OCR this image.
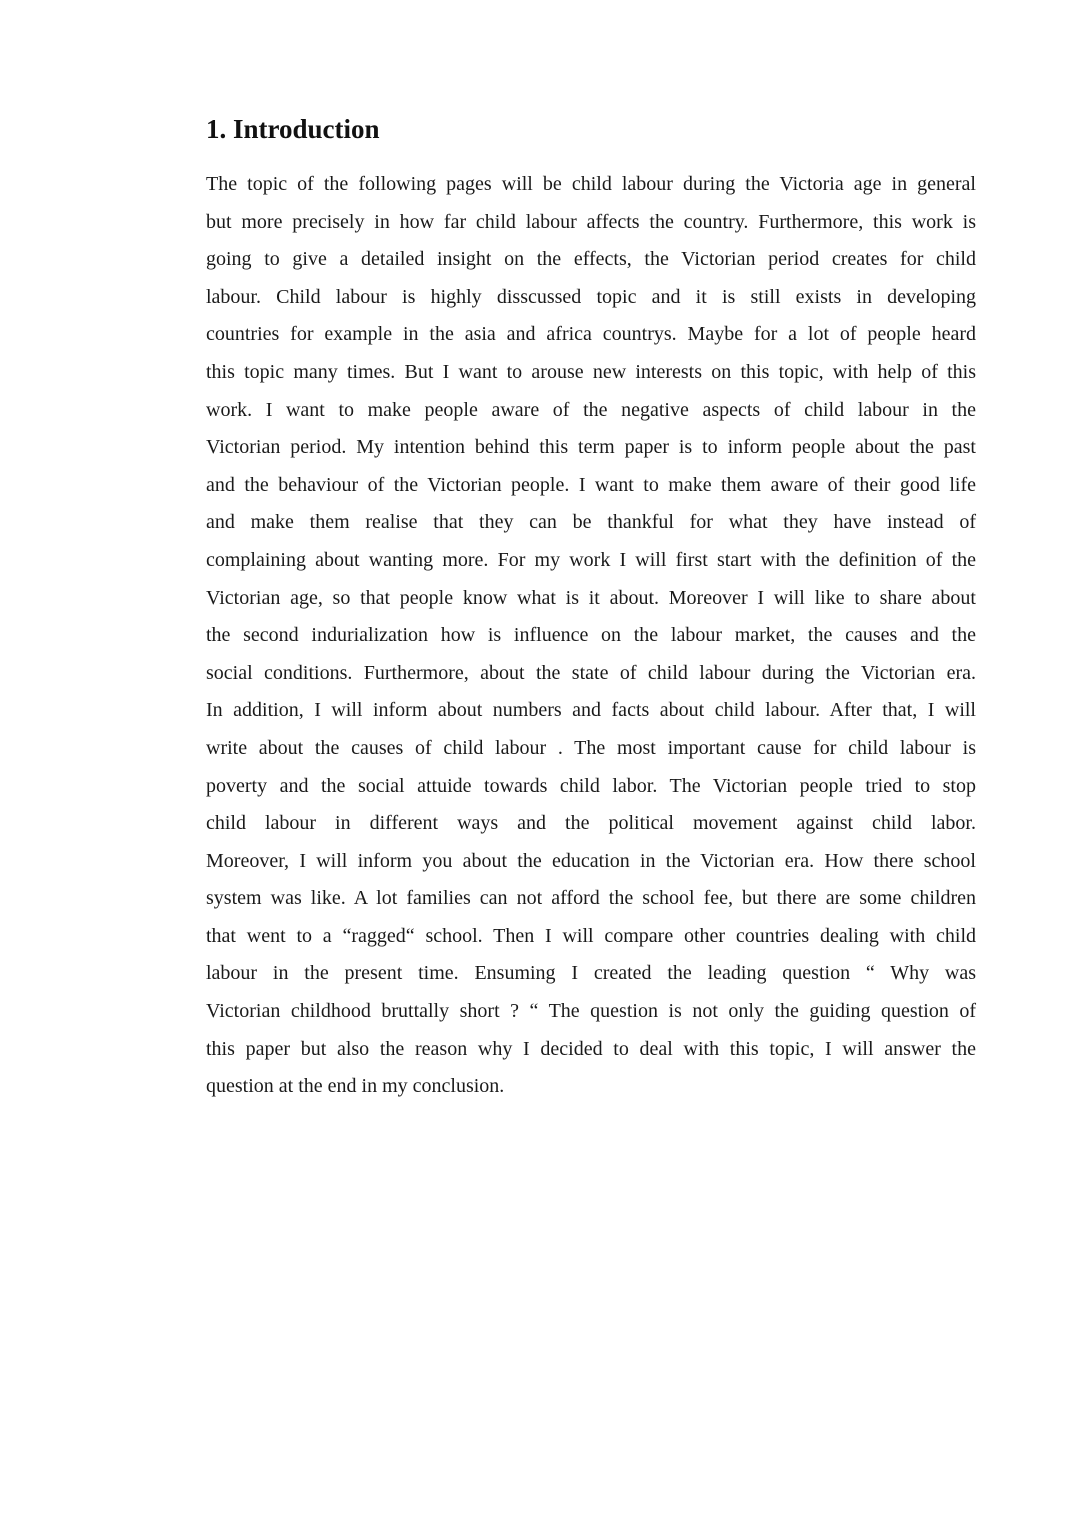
1. Introduction
The topic of the following pages will be child labour during the Victoria age in general
but more precisely in how far child labour affects the country. Furthermore, this work is
going to give a detailed insight on the effects, the Victorian period creates for child
labour. Child labour is highly disscussed topic and it is still exists in developing
countries for example in the asia and africa countrys. Maybe for a lot of people heard
this topic many times. But I want to arouse new interests on this topic, with help of this
work. I want to make people aware of the negative aspects of child labour in the
Victorian period. My intention behind this term paper is to inform people about the past
and the behaviour of the Victorian people. I want to make them aware of their good life
and make them realise that they can be thankful for what they have instead of
complaining about wanting more. For my work I will first start with the definition of the
Victorian age, so that people know what is it about. Moreover I will like to share about
the second indurialization how is influence on the labour market, the causes and the
social conditions. Furthermore, about the state of child labour during the Victorian era.
In addition, I will inform about numbers and facts about child labour. After that, I will
write about the causes of child labour . The most important cause for child labour is
poverty and the social attuide towards child labor. The Victorian people tried to stop
child labour in different ways and the political movement against child labor.
Moreover, I will inform you about the education in the Victorian era. How there school
system was like. A lot families can not afford the school fee, but there are some children
that went to a “ragged“ school. Then I will compare other countries dealing with child
labour in the present time. Ensuming I created the leading question “ Why was
Victorian childhood bruttally short ? “ The question is not only the guiding question of
this paper but also the reason why I decided to deal with this topic, I will answer the
question at the end in my conclusion.
